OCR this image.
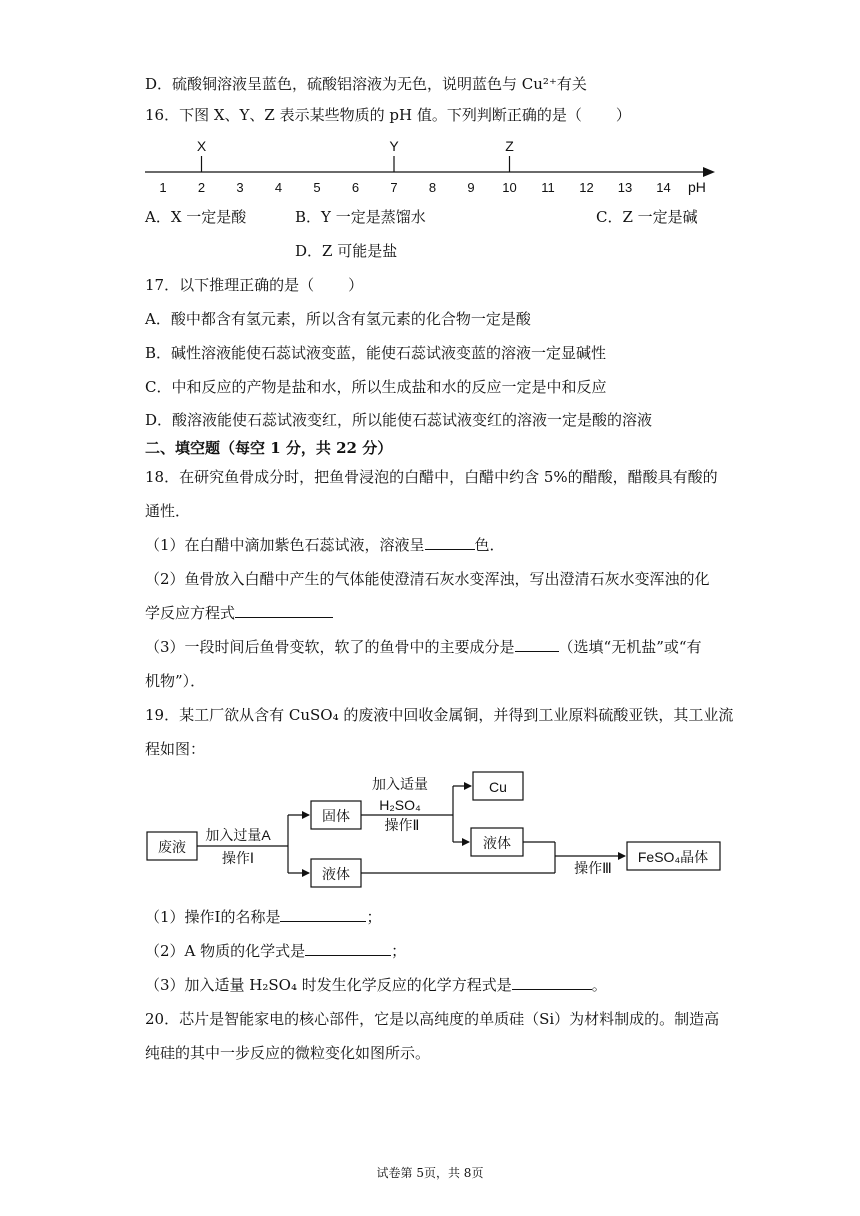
D．硫酸铜溶液呈蓝色，硫酸铝溶液为无色，说明蓝色与 Cu²⁺有关
16．下图 X、Y、Z 表示某些物质的 pH 值。下列判断正确的是（ ）
1 2 3 4 5 6 7 8 9 10 11 12 13 14 pH
X	Y	Z
A．X 一定是酸	B．Y 一定是蒸馏水	C．Z 一定是碱
D．Z 可能是盐
17．以下推理正确的是（ ）
A．酸中都含有氢元素，所以含有氢元素的化合物一定是酸
B．碱性溶液能使石蕊试液变蓝，能使石蕊试液变蓝的溶液一定显碱性
C．中和反应的产物是盐和水，所以生成盐和水的反应一定是中和反应
D．酸溶液能使石蕊试液变红，所以能使石蕊试液变红的溶液一定是酸的溶液
二、填空题（每空 1 分，共 22 分）
18．在研究鱼骨成分时，把鱼骨浸泡的白醋中，白醋中约含 5%的醋酸，醋酸具有酸的
通性．
（1）在白醋中滴加紫色石蕊试液，溶液呈	色．
（2）鱼骨放入白醋中产生的气体能使澄清石灰水变浑浊，写出澄清石灰水变浑浊的化
学反应方程式
（3）一段时间后鱼骨变软，软了的鱼骨中的主要成分是	（选填“无机盐”或“有
机物”）．
19．某工厂欲从含有 CuSO₄ 的废液中回收金属铜，并得到工业原料硫酸亚铁，其工业流
程如图：
废液
加入过量A
操作Ⅰ
固体
液体
加入适量
H₂SO₄
操作Ⅱ
Cu
液体
操作Ⅲ
FeSO₄晶体
（1）操作Ⅰ的名称是	；
（2）A 物质的化学式是	；
（3）加入适量 H₂SO₄ 时发生化学反应的化学方程式是	。
20．芯片是智能家电的核心部件，它是以高纯度的单质硅（Si）为材料制成的。制造高
纯硅的其中一步反应的微粒变化如图所示。
试卷第 5页，共 8页
